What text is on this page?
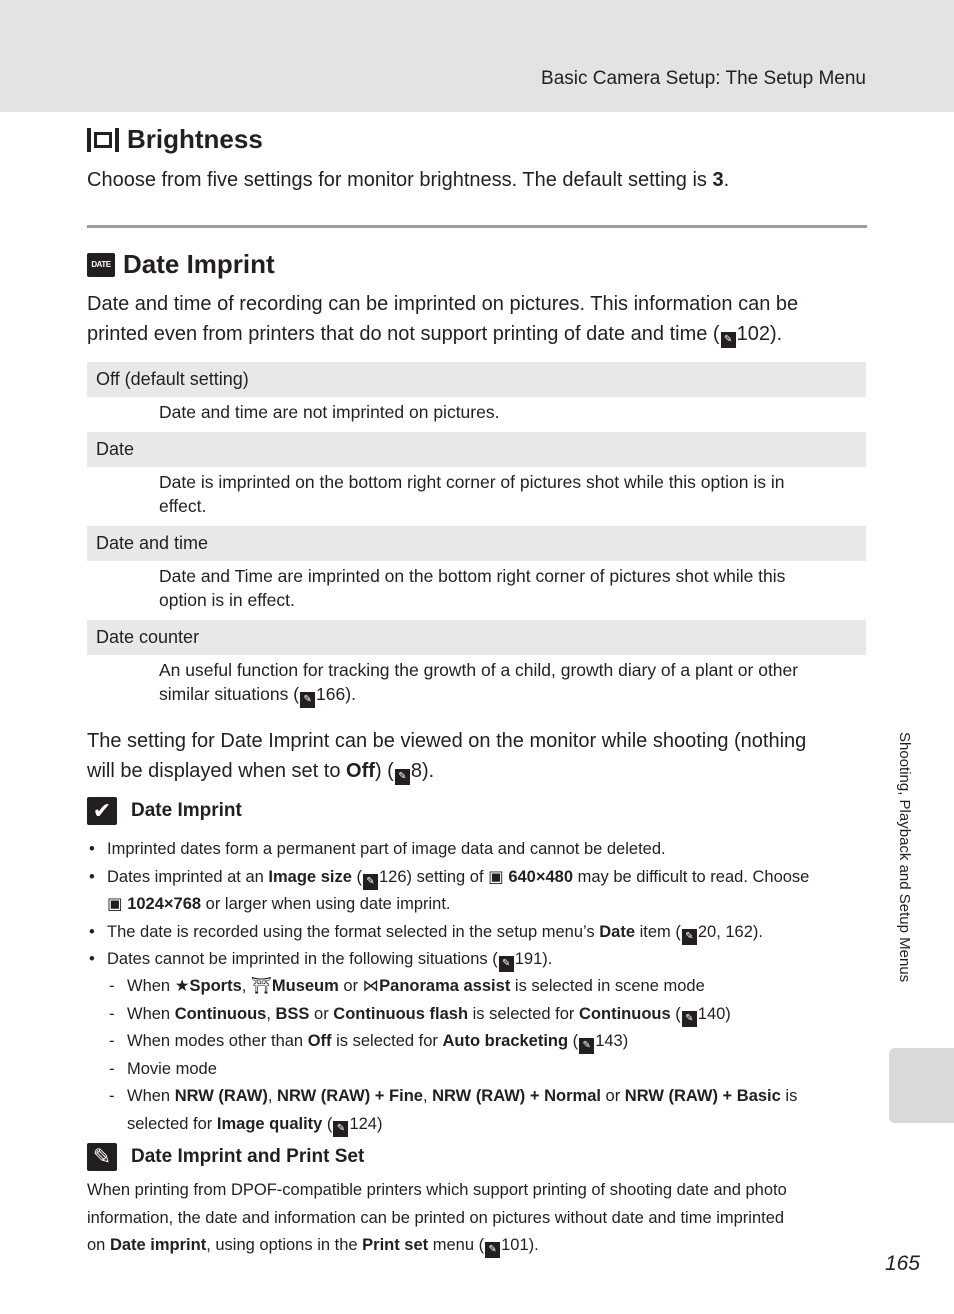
Basic Camera Setup: The Setup Menu
Brightness
Choose from five settings for monitor brightness. The default setting is 3.
DATE Date Imprint
Date and time of recording can be imprinted on pictures. This information can be
printed even from printers that do not support printing of date and time ( ✎ 102).
Off (default setting)
Date and time are not imprinted on pictures.
Date
Date is imprinted on the bottom right corner of pictures shot while this option is in
effect.
Date and time
Date and Time are imprinted on the bottom right corner of pictures shot while this
option is in effect.
Date counter
An useful function for tracking the growth of a child, growth diary of a plant or other
similar situations ( ✎ 166).
The setting for Date Imprint can be viewed on the monitor while shooting (nothing
will be displayed when set to Off) ( ✎ 8).
✔	Date Imprint
• Imprinted dates form a permanent part of image data and cannot be deleted.
• Dates imprinted at an Image size ( ✎ 126) setting of ▣ 640×480 may be difficult to read. Choose
▣ 1024×768 or larger when using date imprint.
• The date is recorded using the format selected in the setup menu’s Date item ( ✎ 20, 162).
• Dates cannot be imprinted in the following situations ( ✎ 191).
- When ★Sports, ⛩Museum or ⋈Panorama assist is selected in scene mode
- When Continuous, BSS or Continuous flash is selected for Continuous ( ✎ 140)
- When modes other than Off is selected for Auto bracketing ( ✎ 143)
- Movie mode
- When NRW (RAW), NRW (RAW) + Fine, NRW (RAW) + Normal or NRW (RAW) + Basic is
selected for Image quality ( ✎ 124)
✎	Date Imprint and Print Set
When printing from DPOF-compatible printers which support printing of shooting date and photo
information, the date and information can be printed on pictures without date and time imprinted
on Date imprint, using options in the Print set menu ( ✎ 101).
Shooting, Playback and Setup Menus
165
